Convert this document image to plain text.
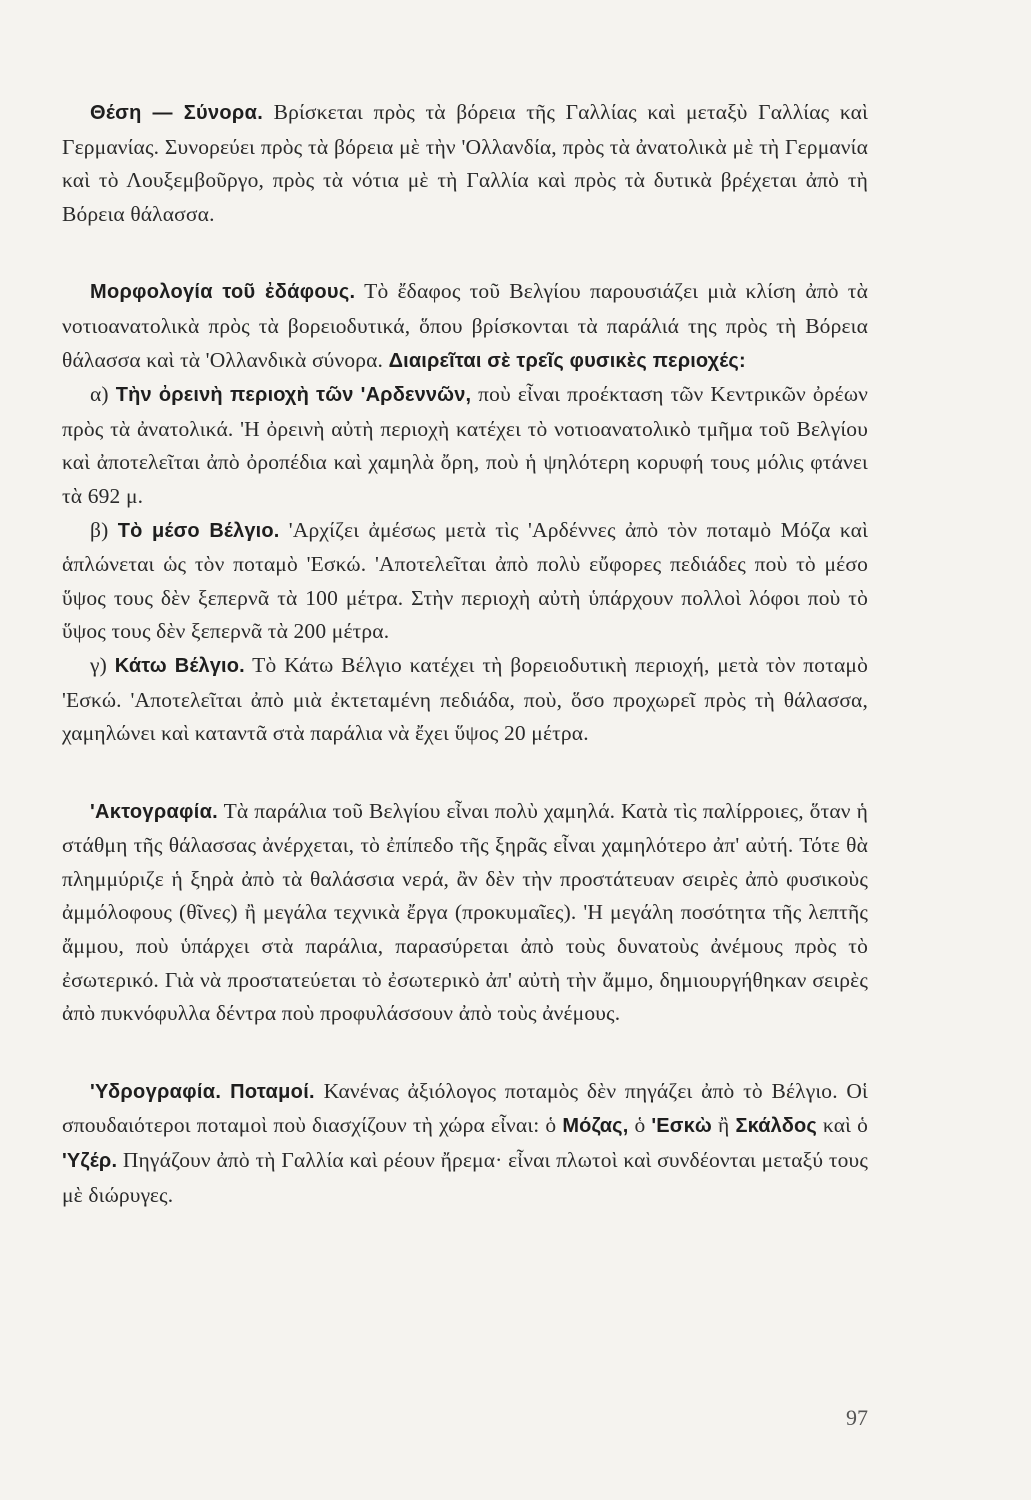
Θέση — Σύνορα. Βρίσκεται πρὸς τὰ βόρεια τῆς Γαλλίας καὶ μεταξὺ Γαλλίας καὶ Γερμανίας. Συνορεύει πρὸς τὰ βόρεια μὲ τὴν 'Ολλανδία, πρὸς τὰ ἀνατολικὰ μὲ τὴ Γερμανία καὶ τὸ Λουξεμβοῦργο, πρὸς τὰ νότια μὲ τὴ Γαλλία καὶ πρὸς τὰ δυτικὰ βρέχεται ἀπὸ τὴ Βόρεια θάλασσα.

Μορφολογία τοῦ ἐδάφους. Τὸ ἔδαφος τοῦ Βελγίου παρουσιάζει μιὰ κλίση ἀπὸ τὰ νοτιοανατολικὰ πρὸς τὰ βορειοδυτικά, ὅπου βρίσκονται τὰ παράλιά της πρὸς τὴ Βόρεια θάλασσα καὶ τὰ 'Ολλανδικὰ σύνορα. Διαιρεῖται σὲ τρεῖς φυσικὲς περιοχές:

α) Τὴν ὀρεινὴ περιοχὴ τῶν 'Αρδεννῶν, ποὺ εἶναι προέκταση τῶν Κεντρικῶν ὀρέων πρὸς τὰ ἀνατολικά. 'Η ὀρεινὴ αὐτὴ περιοχὴ κατέχει τὸ νοτιοανατολικὸ τμῆμα τοῦ Βελγίου καὶ ἀποτελεῖται ἀπὸ ὀροπέδια καὶ χαμηλὰ ὄρη, ποὺ ἡ ψηλότερη κορυφή τους μόλις φτάνει τὰ 692 μ.

β) Τὸ μέσο Βέλγιο. 'Αρχίζει ἀμέσως μετὰ τὶς 'Αρδέννες ἀπὸ τὸν ποταμὸ Μόζα καὶ ἁπλώνεται ὡς τὸν ποταμὸ 'Εσκώ. 'Αποτελεῖται ἀπὸ πολὺ εὔφορες πεδιάδες ποὺ τὸ μέσο ὕψος τους δὲν ξεπερνᾶ τὰ 100 μέτρα. Στὴν περιοχὴ αὐτὴ ὑπάρχουν πολλοὶ λόφοι ποὺ τὸ ὕψος τους δὲν ξεπερνᾶ τὰ 200 μέτρα.

γ) Κάτω Βέλγιο. Τὸ Κάτω Βέλγιο κατέχει τὴ βορειοδυτικὴ περιοχή, μετὰ τὸν ποταμὸ 'Εσκώ. 'Αποτελεῖται ἀπὸ μιὰ ἐκτεταμένη πεδιάδα, ποὺ, ὅσο προχωρεῖ πρὸς τὴ θάλασσα, χαμηλώνει καὶ καταντᾶ στὰ παράλια νὰ ἔχει ὕψος 20 μέτρα.

'Ακτογραφία. Τὰ παράλια τοῦ Βελγίου εἶναι πολὺ χαμηλά. Κατὰ τὶς παλίρροιες, ὅταν ἡ στάθμη τῆς θάλασσας ἀνέρχεται, τὸ ἐπίπεδο τῆς ξηρᾶς εἶναι χαμηλότερο ἀπ' αὐτή. Τότε θὰ πλημμύριζε ἡ ξηρὰ ἀπὸ τὰ θαλάσσια νερά, ἂν δὲν τὴν προστάτευαν σειρὲς ἀπὸ φυσικοὺς ἀμμόλοφους (θῖνες) ἢ μεγάλα τεχνικὰ ἔργα (προκυμαῖες). 'Η μεγάλη ποσότητα τῆς λεπτῆς ἄμμου, ποὺ ὑπάρχει στὰ παράλια, παρασύρεται ἀπὸ τοὺς δυνατοὺς ἀνέμους πρὸς τὸ ἐσωτερικό. Γιὰ νὰ προστατεύεται τὸ ἐσωτερικὸ ἀπ' αὐτὴ τὴν ἄμμο, δημιουργήθηκαν σειρὲς ἀπὸ πυκνόφυλλα δέντρα ποὺ προφυλάσσουν ἀπὸ τοὺς ἀνέμους.

'Υδρογραφία. Ποταμοί. Κανένας ἀξιόλογος ποταμὸς δὲν πηγάζει ἀπὸ τὸ Βέλγιο. Οἱ σπουδαιότεροι ποταμοὶ ποὺ διασχίζουν τὴ χώρα εἶναι: ὁ Μόζας, ὁ 'Εσκὼ ἢ Σκάλδος καὶ ὁ 'Υζέρ. Πηγάζουν ἀπὸ τὴ Γαλλία καὶ ρέουν ἤρεμα· εἶναι πλωτοὶ καὶ συνδέονται μεταξύ τους μὲ διώρυγες.

97
